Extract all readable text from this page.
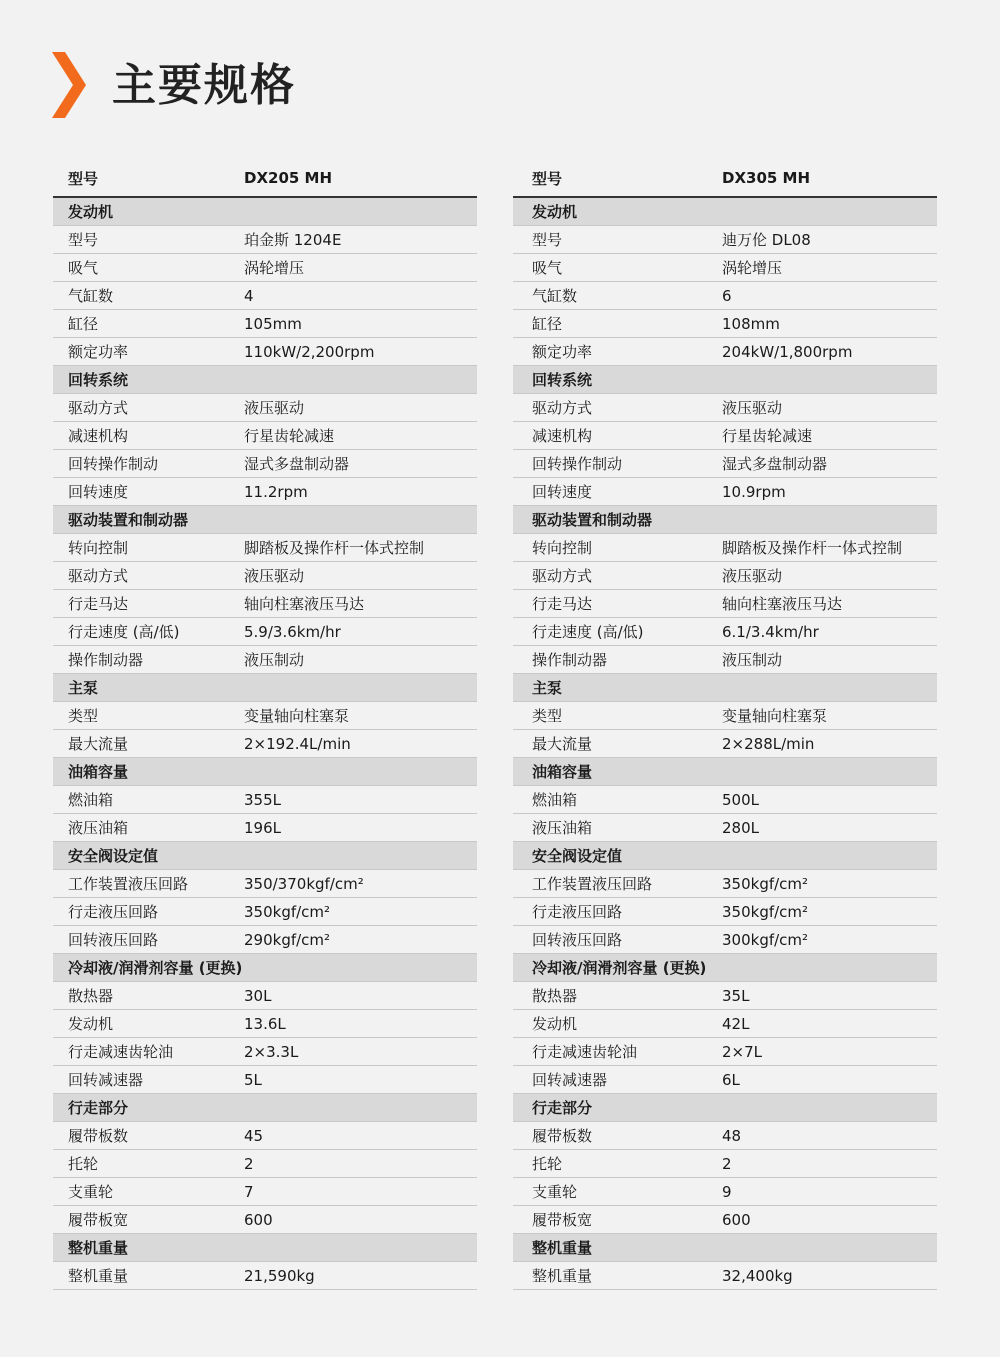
主要规格
型号	DX205 MH
发动机
型号	珀金斯 1204E
吸气	涡轮增压
气缸数	4
缸径	105mm
额定功率	110kW/2,200rpm
回转系统
驱动方式	液压驱动
减速机构	行星齿轮减速
回转操作制动	湿式多盘制动器
回转速度	11.2rpm
驱动装置和制动器
转向控制	脚踏板及操作杆一体式控制
驱动方式	液压驱动
行走马达	轴向柱塞液压马达
行走速度 (高/低)	5.9/3.6km/hr
操作制动器	液压制动
主泵
类型	变量轴向柱塞泵
最大流量	2×192.4L/min
油箱容量
燃油箱	355L
液压油箱	196L
安全阀设定值
工作装置液压回路	350/370kgf/cm²
行走液压回路	350kgf/cm²
回转液压回路	290kgf/cm²
冷却液/润滑剂容量 (更换)
散热器	30L
发动机	13.6L
行走减速齿轮油	2×3.3L
回转减速器	5L
行走部分
履带板数	45
托轮	2
支重轮	7
履带板宽	600
整机重量
整机重量	21,590kg
型号	DX305 MH
发动机
型号	迪万伦 DL08
吸气	涡轮增压
气缸数	6
缸径	108mm
额定功率	204kW/1,800rpm
回转系统
驱动方式	液压驱动
减速机构	行星齿轮减速
回转操作制动	湿式多盘制动器
回转速度	10.9rpm
驱动装置和制动器
转向控制	脚踏板及操作杆一体式控制
驱动方式	液压驱动
行走马达	轴向柱塞液压马达
行走速度 (高/低)	6.1/3.4km/hr
操作制动器	液压制动
主泵
类型	变量轴向柱塞泵
最大流量	2×288L/min
油箱容量
燃油箱	500L
液压油箱	280L
安全阀设定值
工作装置液压回路	350kgf/cm²
行走液压回路	350kgf/cm²
回转液压回路	300kgf/cm²
冷却液/润滑剂容量 (更换)
散热器	35L
发动机	42L
行走减速齿轮油	2×7L
回转减速器	6L
行走部分
履带板数	48
托轮	2
支重轮	9
履带板宽	600
整机重量
整机重量	32,400kg
